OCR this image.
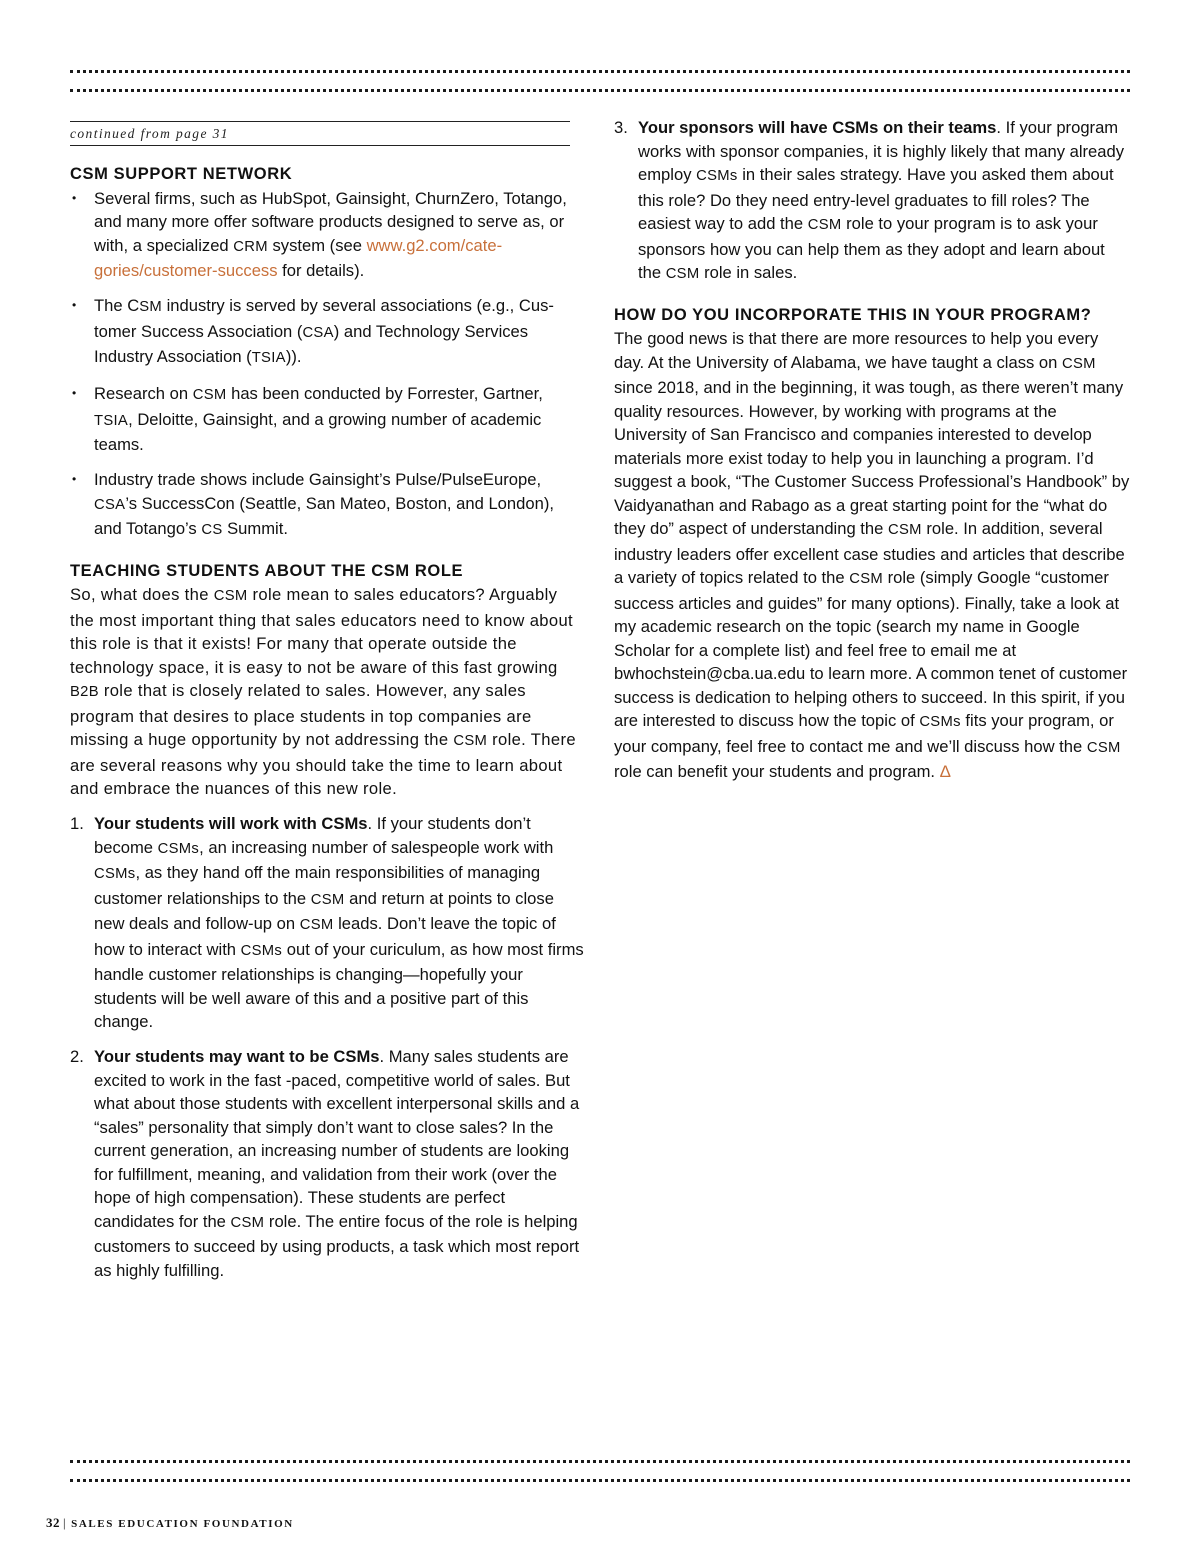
continued from page 31
CSM SUPPORT NETWORK
• Several firms, such as HubSpot, Gainsight, ChurnZero, Totango, and many more offer software products designed to serve as, or with, a specialized CRM system (see www.g2.com/categories/customer-success for details).
• The CSM industry is served by several associations (e.g., Customer Success Association (CSA) and Technology Services Industry Association (TSIA)).
• Research on CSM has been conducted by Forrester, Gartner, TSIA, Deloitte, Gainsight, and a growing number of academic teams.
• Industry trade shows include Gainsight’s Pulse/PulseEurope, CSA’s SuccessCon (Seattle, San Mateo, Boston, and London), and Totango’s CS Summit.
TEACHING STUDENTS ABOUT THE CSM ROLE

So, what does the CSM role mean to sales educators? Arguably the most important thing that sales educators need to know about this role is that it exists! For many that operate outside the technology space, it is easy to not be aware of this fast growing B2B role that is closely related to sales. However, any sales program that desires to place students in top companies are missing a huge opportunity by not addressing the CSM role. There are several reasons why you should take the time to learn about and embrace the nuances of this new role.

1. Your students will work with CSMs. If your students don’t become CSMs, an increasing number of salespeople work with CSMs, as they hand off the main responsibilities of managing customer relationships to the CSM and return at points to close new deals and follow-up on CSM leads. Don’t leave the topic of how to interact with CSMs out of your curiculum, as how most firms handle customer relationships is changing—hopefully your students will be well aware of this and a positive part of this change.
2. Your students may want to be CSMs. Many sales students are excited to work in the fast -paced, competitive world of sales. But what about those students with excellent interpersonal skills and a “sales” personality that simply don’t want to close sales? In the current generation, an increasing number of students are looking for fulfillment, meaning, and validation from their work (over the hope of high compensation). These students are perfect candidates for the CSM role. The entire focus of the role is helping customers to succeed by using products, a task which most report as highly fulfilling.
3. Your sponsors will have CSMs on their teams. If your program works with sponsor companies, it is highly likely that many already employ CSMs in their sales strategy. Have you asked them about this role? Do they need entry-level graduates to fill roles? The easiest way to add the CSM role to your program is to ask your sponsors how you can help them as they adopt and learn about the CSM role in sales.
HOW DO YOU INCORPORATE THIS IN YOUR PROGRAM?

The good news is that there are more resources to help you every day. At the University of Alabama, we have taught a class on CSM since 2018, and in the beginning, it was tough, as there weren’t many quality resources. However, by working with programs at the University of San Francisco and companies interested to develop materials more exist today to help you in launching a program. I’d suggest a book, “The Customer Success Professional’s Handbook” by Vaidyanathan and Rabago as a great starting point for the “what do they do” aspect of understanding the CSM role. In addition, several industry leaders offer excellent case studies and articles that describe a variety of topics related to the CSM role (simply Google “customer success articles and guides” for many options). Finally, take a look at my academic research on the topic (search my name in Google Scholar for a complete list) and feel free to email me at bwhochstein@cba.ua.edu to learn more. A common tenet of customer success is dedication to helping others to succeed. In this spirit, if you are interested to discuss how the topic of CSMs fits your program, or your company, feel free to contact me and we’ll discuss how the CSM role can benefit your students and program. Δ

32 | SALES EDUCATION FOUNDATION
